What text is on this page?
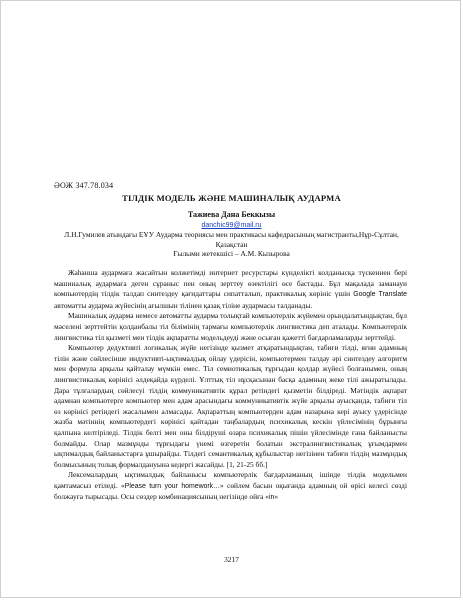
ӘОЖ 347.78.034
ТІЛДІК МОДЕЛЬ ЖӘНЕ МАШИНАЛЫҚ АУДАРМА
Тажиева Дана Беккызы
danchic99@mail.ru
Л.Н.Гумилев атындағы ЕҰУ Аударма теориясы мен практикасы кафедрасының магистранты,Нұр-Сұлтан, Қазақстан
Ғылыми жетекшісі – А.М. Кызырова

Жаһанша аудармаға жасайтын колжетімді интернет ресурстары күнделікті колданысқа түскеннен бері машиналық аудармаға деген сұраныс пен оның зерттеу өзектілігі өсе бастады. Бұл мақалада заманауи компьютердің тілдік талдап синтездеу қағидаттары сипатталып, практикалық көрініс үшін Google Translate автоматты аударма жүйесінің ағылшын тілінен қазақ тіліне аудармасы талданады.

Машиналық аударма немесе автоматты аударма толықтай компьютерлік жүйемен орындалатындықтан, бұл мәселені зерттейтін қолданбалы тіл білімінің тармағы компьютерлік лингвистика деп аталады. Компьютерлік лингвистика тіл қызметі мен тілдік ақпаратты модельдеуді және осыған қажетті бағдарламаларды зерттейді.

Компьютер дедуктивті логикалық жүйе негізінде қызмет атқаратындықтан, табиғи тілді, яғни адамның тілін және сөйлесінше индуктивті-ықтималдық ойлау үдерісін, компьютермен талдау әрі синтездеу алгоритм мен формула арқылы қайталау мүмкін емес. Тіл семиотикалық тұрғыдан қолдар жүйесі болғанымен, оның лингвистикалық көрінісі әлдеқайда күрделі. Ұлттық тіл нұсқасынан басқа адамның жеке тілі ажыратылады. Дара тұлғалардың сөйлесуі тілдің коммуникативтік құрал ретіндегі қызметін білдіреді. Мәтіндік ақпарат адамнан компьютерге компьютер мен адам арасындағы коммуникативтік жүйе арқылы ауысқанда, табиғи тіл өз көрінісі ретіндегі жасалымен алмасады. Ақпараттың компьютерден адам назарына кері ауысу үдерісінде жазба мәтіннің компьютердегі көрінісі қайтадан таңбалардың психикалық кескін үйлесімінің бұрынғы қалпына келтіріледі. Тілдік белгі мен оны білдіруші өзара психикалық пішін үйлесімінде ғана байланысты болмайды. Олар мазмұнды тұрғыдағы үнемі өзгеретін болатын экстралингвистикалық ұғымдармен ықтималдық байланыстарға ұшырайды. Тілдегі семантикалық құбылыстар негізінен табиғи тілдің мазмұндық болмысының толық формалдануына кедергі жасайды. [1, 21-25 бб.]

Лексемалардың ықтималдық байланысы компьютерлік бағдарламаның ішінде тілдік модельмен қамтамасыз етіледі. «Please turn your homework…» сөйлем басын оқығанда адамның ой өрісі келесі сөзді болжауға тырысады. Осы сөздер комбинациясының негізінде ойға «in»

3217
